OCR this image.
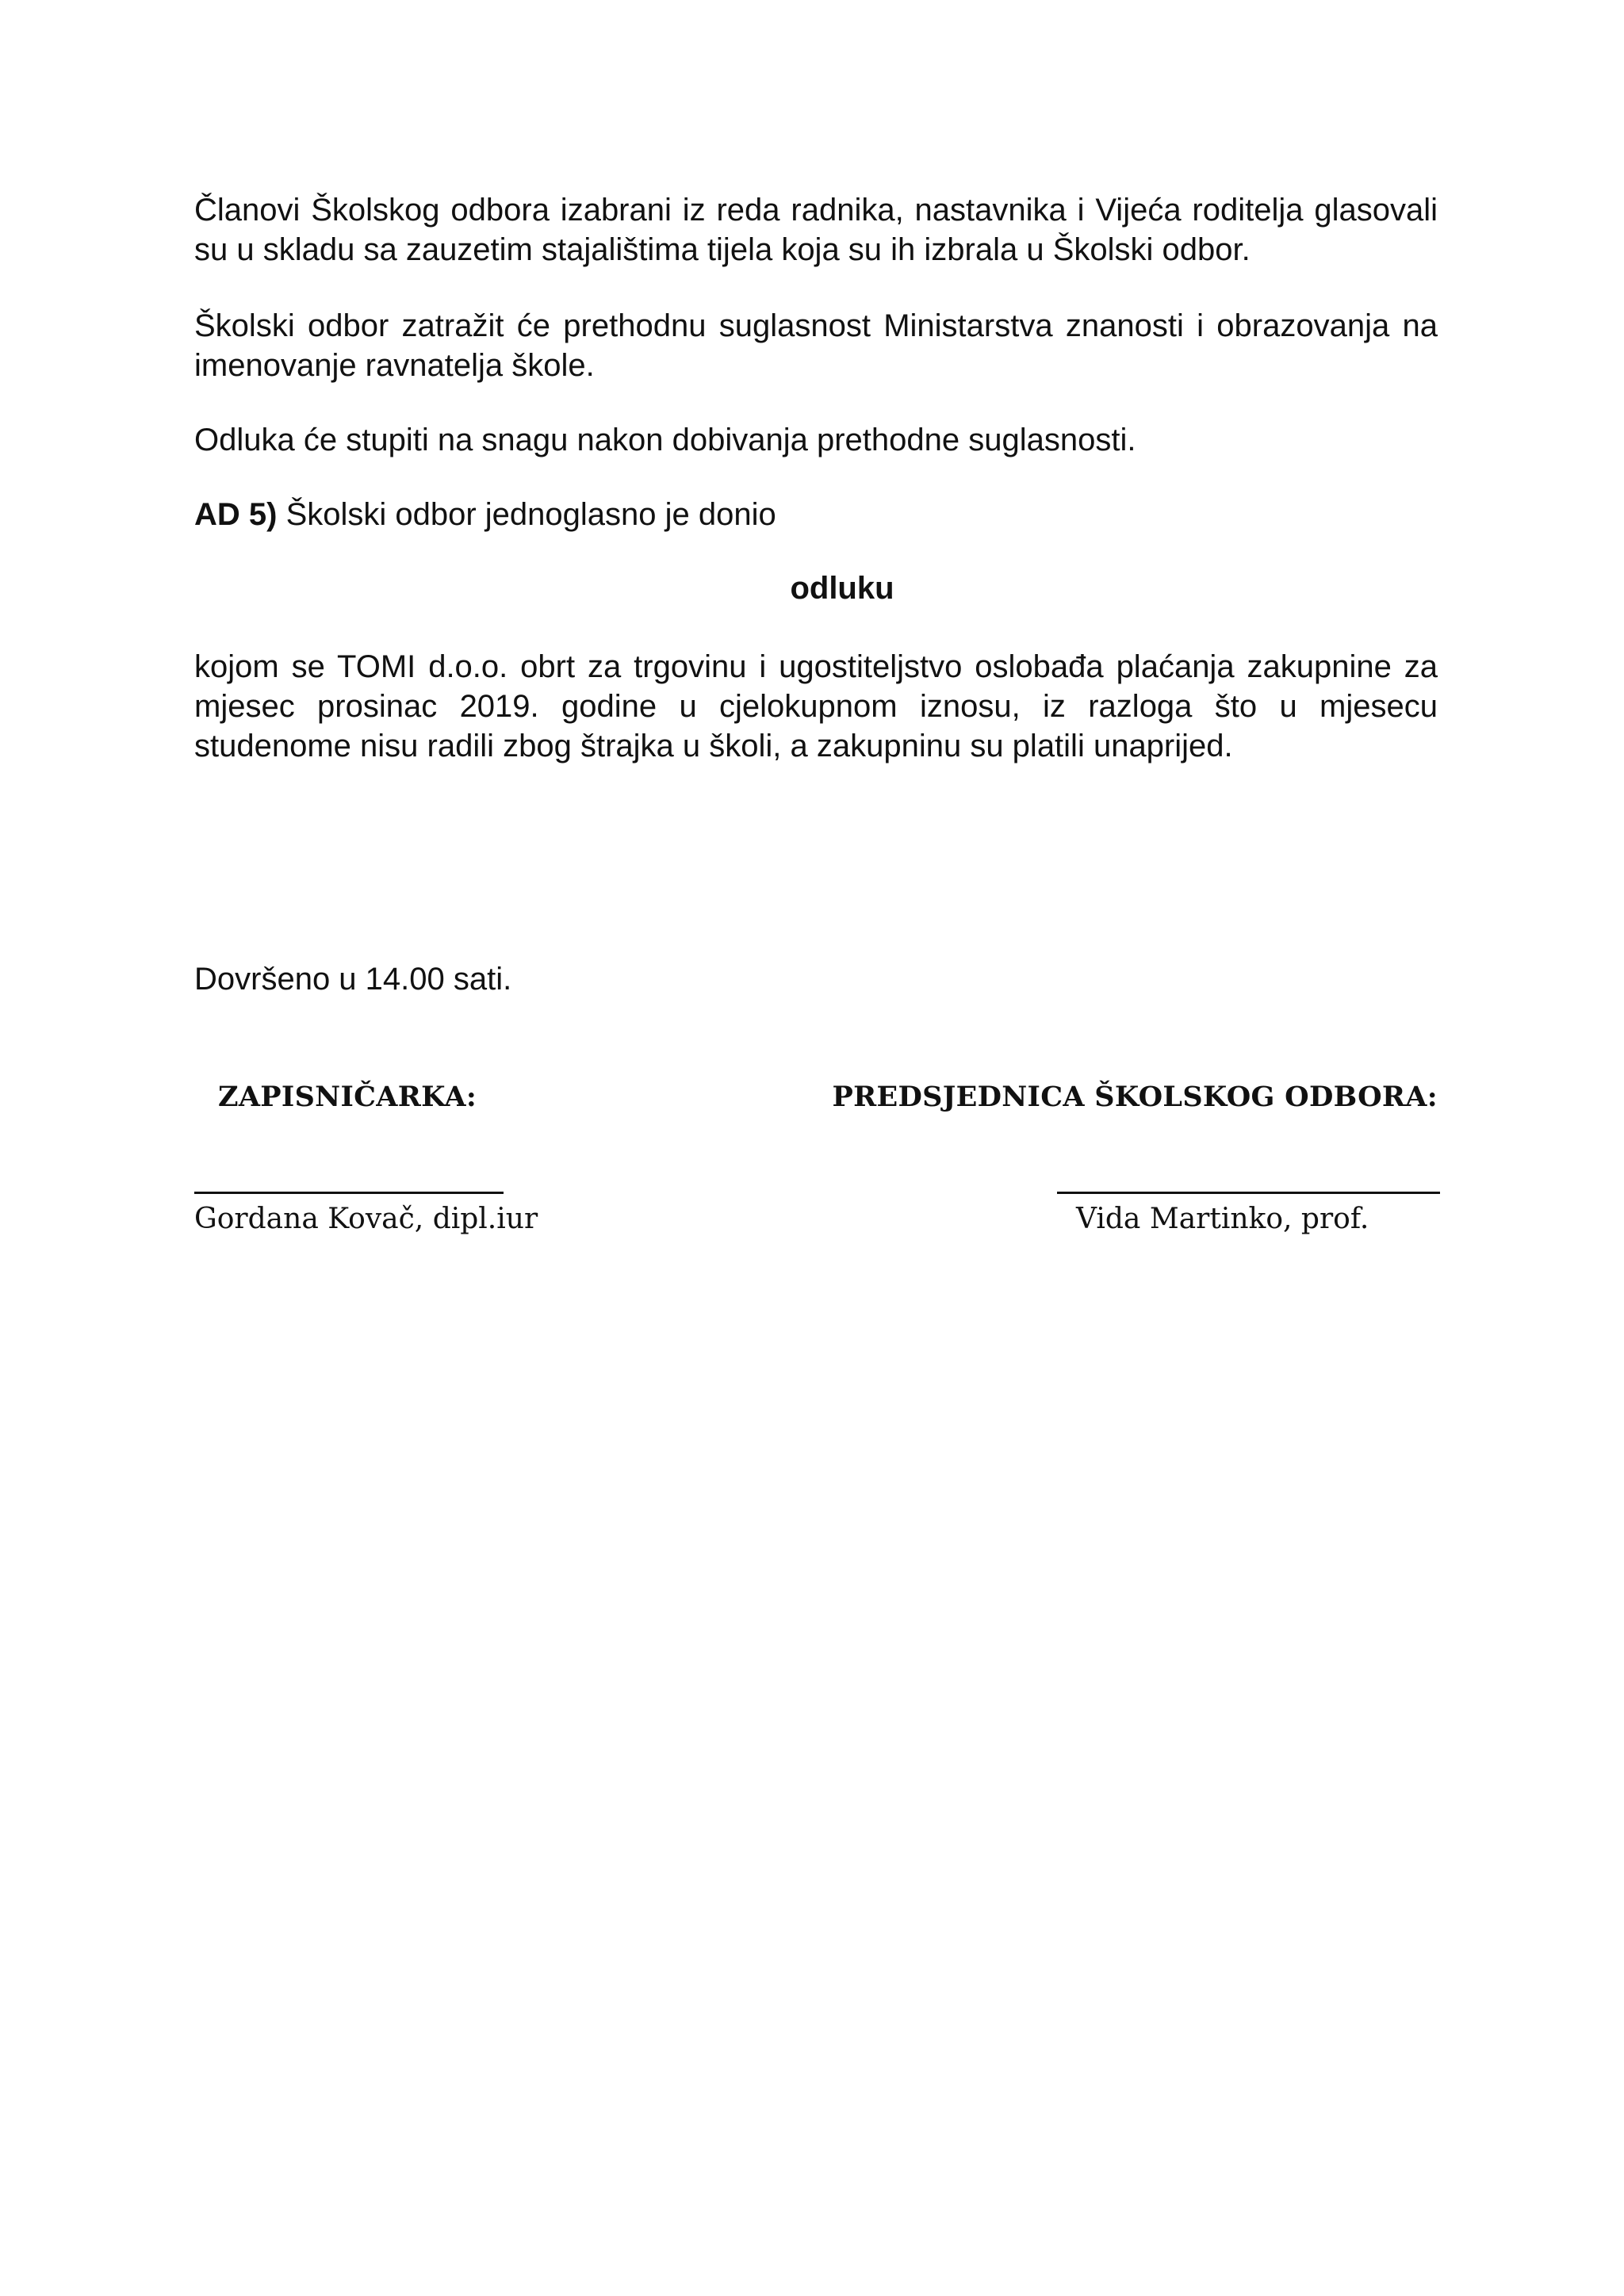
Članovi Školskog odbora izabrani iz reda radnika, nastavnika i Vijeća roditelja glasovali su u skladu sa zauzetim stajalištima tijela koja su ih izbrala u Školski odbor.

Školski odbor zatražit će prethodnu suglasnost Ministarstva znanosti i obrazovanja na imenovanje ravnatelja škole.

Odluka će stupiti na snagu nakon dobivanja prethodne suglasnosti.

AD 5) Školski odbor jednoglasno je donio

odluku

kojom se TOMI d.o.o. obrt za trgovinu i ugostiteljstvo oslobađa plaćanja zakupnine za mjesec prosinac 2019. godine u cjelokupnom iznosu, iz razloga što u mjesecu studenome nisu radili zbog štrajka u školi, a zakupninu su platili unaprijed.

Dovršeno u 14.00 sati.

ZAPISNIČARKA:	PREDSJEDNICA ŠKOLSKOG ODBORA:
Gordana Kovač, dipl.iur	Vida Martinko, prof.
